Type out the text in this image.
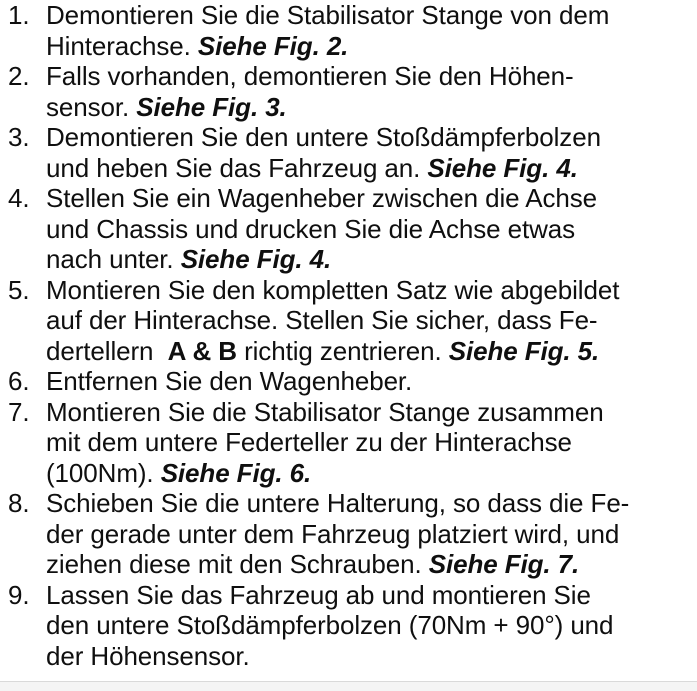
1. Demontieren Sie die Stabilisator Stange von dem
Hinterachse. Siehe Fig. 2.
2. Falls vorhanden, demontieren Sie den Höhen-
sensor. Siehe Fig. 3.
3. Demontieren Sie den untere Stoßdämpferbolzen
und heben Sie das Fahrzeug an. Siehe Fig. 4.
4. Stellen Sie ein Wagenheber zwischen die Achse
und Chassis und drucken Sie die Achse etwas
nach unter. Siehe Fig. 4.
5. Montieren Sie den kompletten Satz wie abgebildet
auf der Hinterachse. Stellen Sie sicher, dass Fe-
dertellern  A & B richtig zentrieren. Siehe Fig. 5.
6. Entfernen Sie den Wagenheber.
7. Montieren Sie die Stabilisator Stange zusammen
mit dem untere Federteller zu der Hinterachse
(100Nm). Siehe Fig. 6.
8. Schieben Sie die untere Halterung, so dass die Fe-
der gerade unter dem Fahrzeug platziert wird, und
ziehen diese mit den Schrauben. Siehe Fig. 7.
9. Lassen Sie das Fahrzeug ab und montieren Sie
den untere Stoßdämpferbolzen (70Nm + 90°) und
der Höhensensor.
